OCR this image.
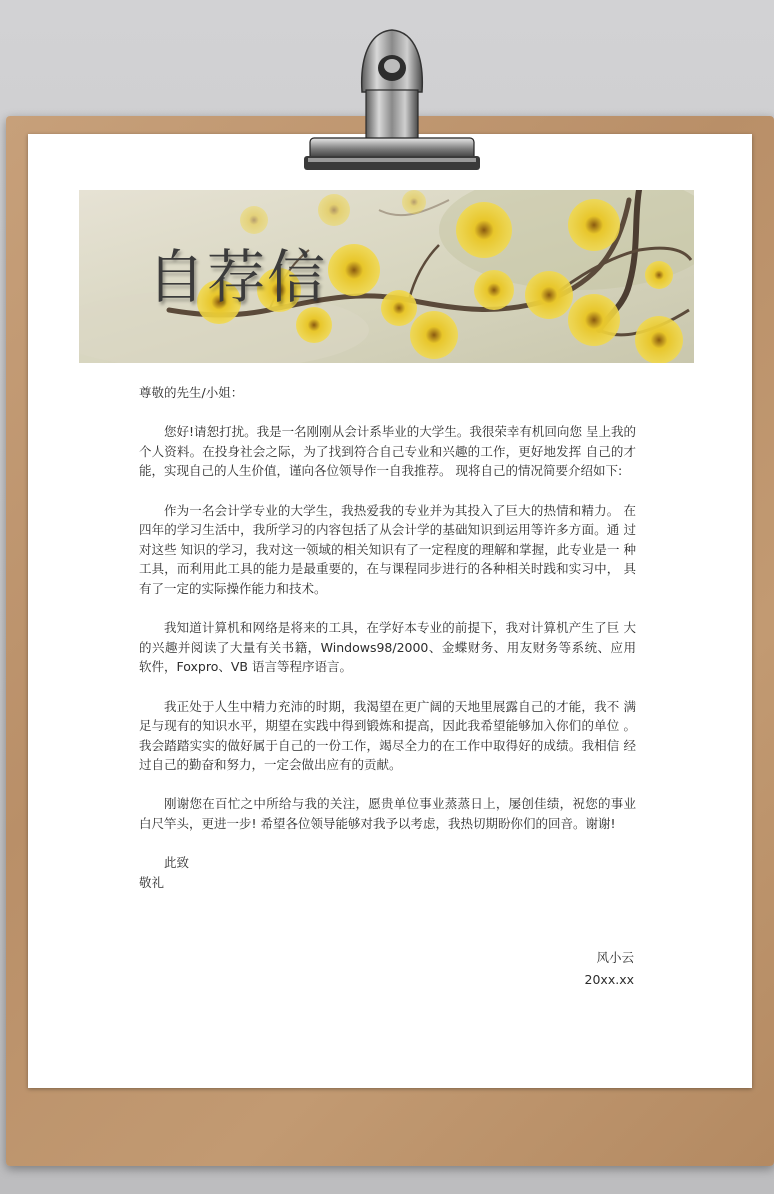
自荐信

尊敬的先生/小姐：

您好!请恕打扰。我是一名刚刚从会计系毕业的大学生。我很荣幸有机回向您 呈上我的个人资料。在投身社会之际，为了找到符合自己专业和兴趣的工作，更好地发挥 自己的才能，实现自己的人生价值，谨向各位领导作一自我推荐。 现将自己的情况简要介绍如下:

作为一名会计学专业的大学生，我热爱我的专业并为其投入了巨大的热情和精力。 在四年的学习生活中，我所学习的内容包括了从会计学的基础知识到运用等许多方面。通 过对这些 知识的学习，我对这一领域的相关知识有了一定程度的理解和掌握，此专业是一 种工具，而利用此工具的能力是最重要的，在与课程同步进行的各种相关时践和实习中， 具有了一定的实际操作能力和技术。

我知道计算机和网络是将来的工具，在学好本专业的前提下，我对计算机产生了巨 大的兴趣并阅读了大量有关书籍，Windows98/2000、金蝶财务、用友财务等系统、应用 软件，Foxpro、VB 语言等程序语言。

我正处于人生中精力充沛的时期，我渴望在更广阔的天地里展露自己的才能，我不 满足与现有的知识水平，期望在实践中得到锻炼和提高，因此我希望能够加入你们的单位 。我会踏踏实实的做好属于自己的一份工作，竭尽全力的在工作中取得好的成绩。我相信 经过自己的勤奋和努力，一定会做出应有的贡献。

刚谢您在百忙之中所给与我的关注，愿贵单位事业蒸蒸日上，屡创佳绩，祝您的事业 白尺竿头，更进一步! 希望各位领导能够对我予以考虑，我热切期盼你们的回音。谢谢!

此致

敬礼

风小云
20xx.xx
